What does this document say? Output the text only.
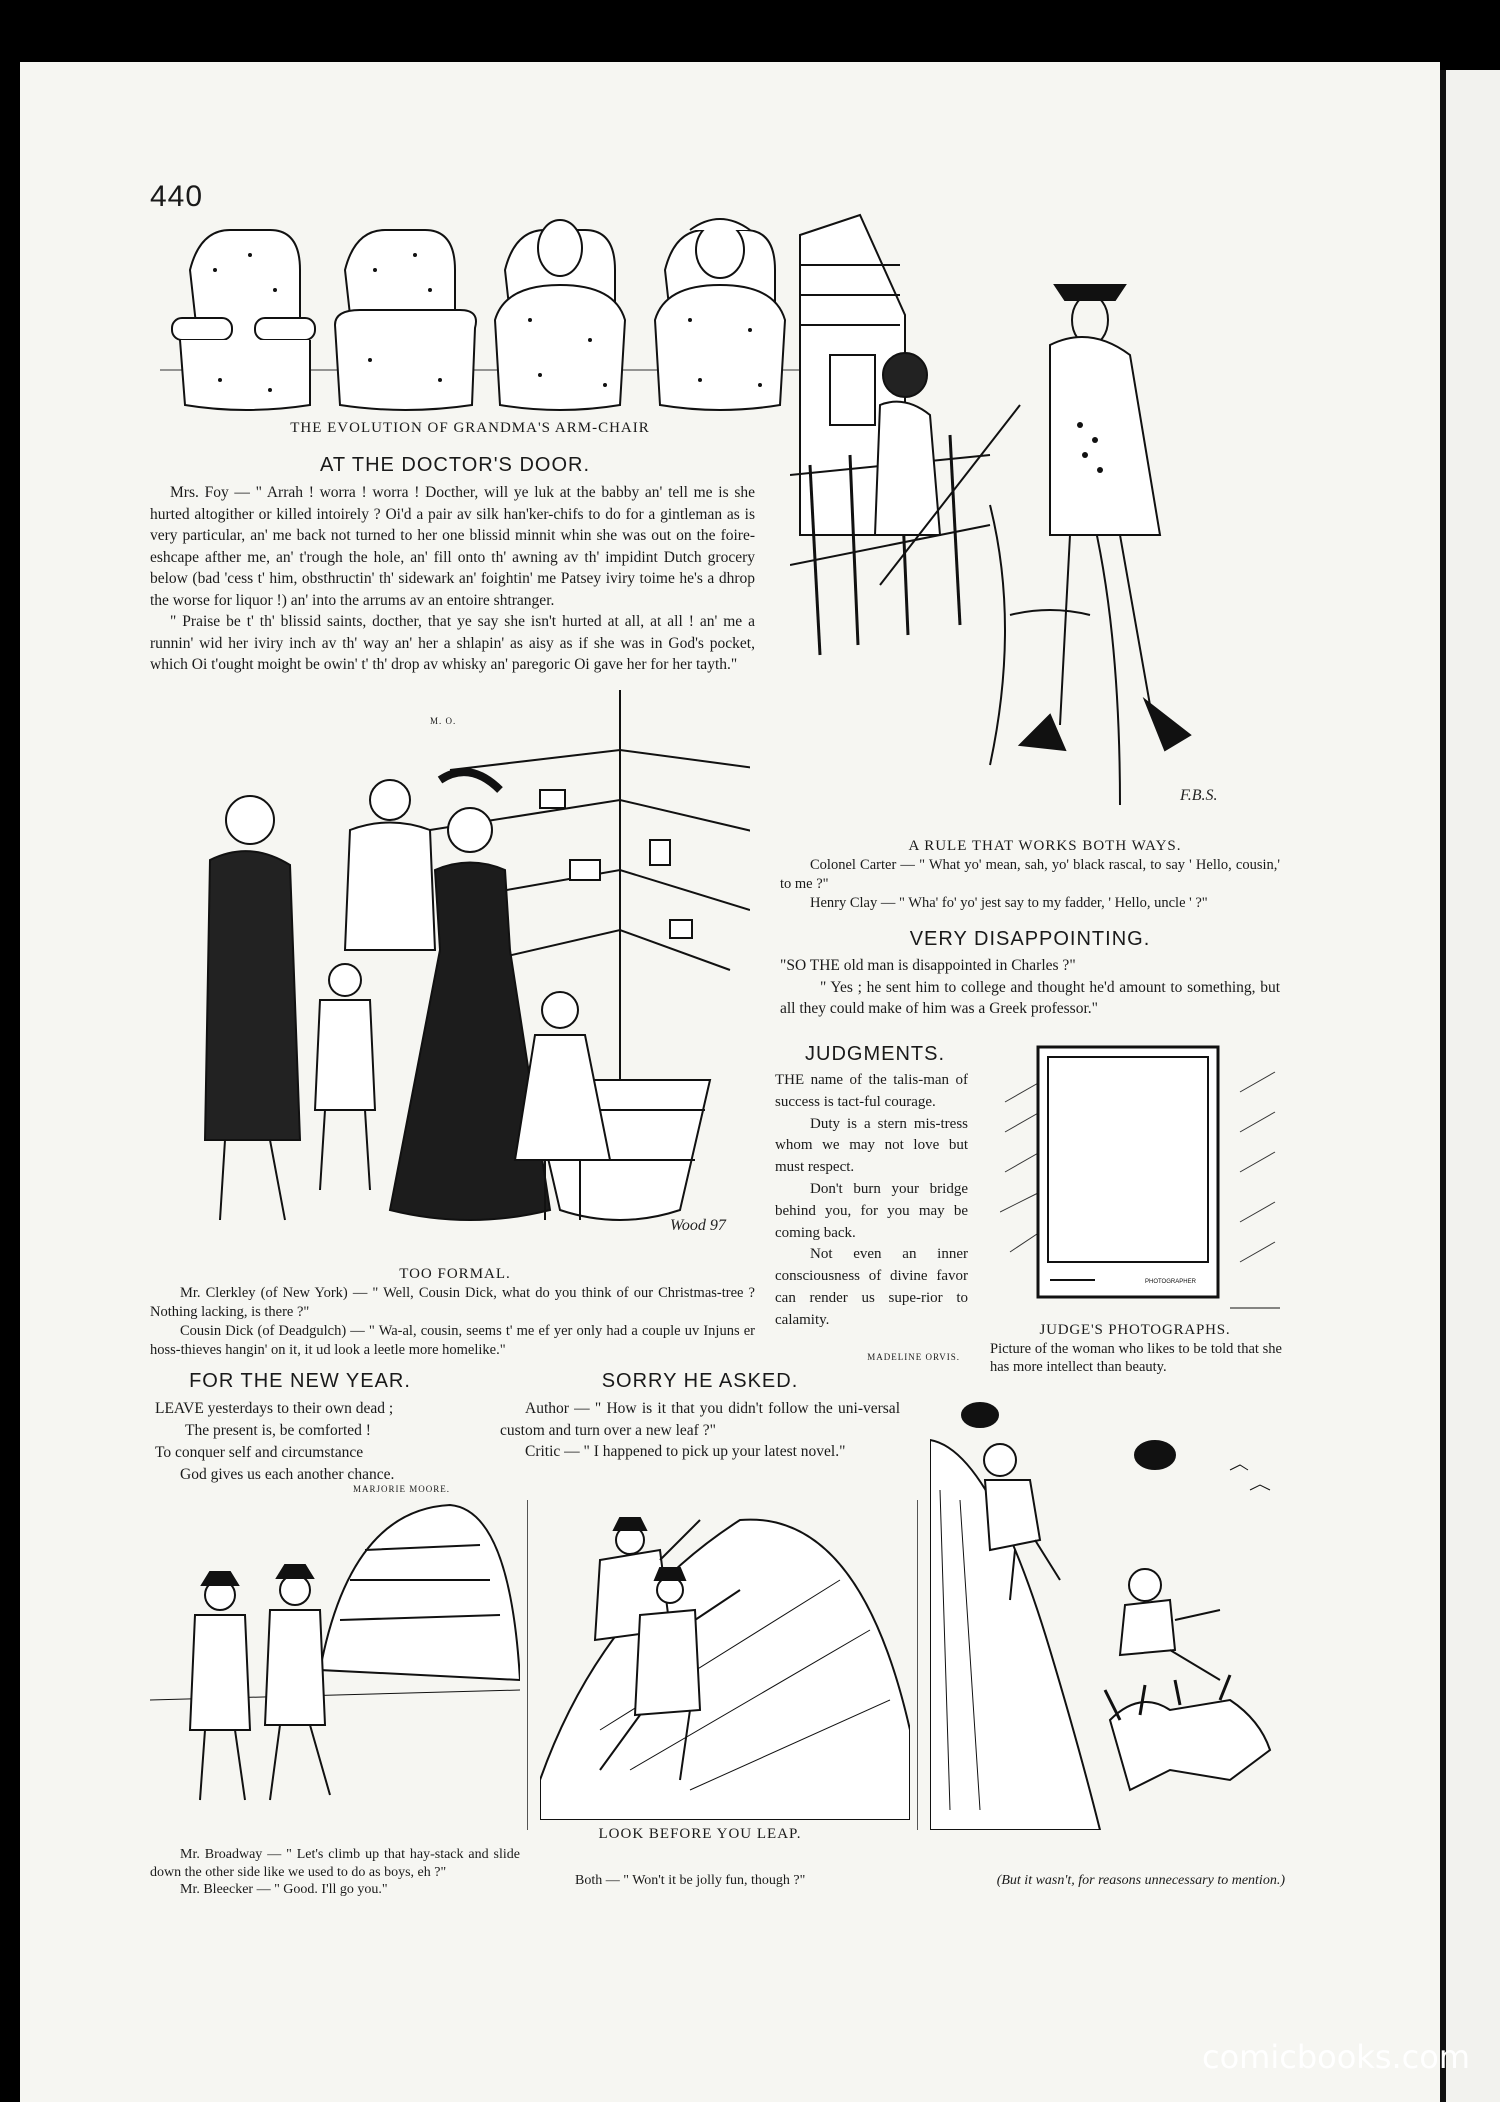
440
THE EVOLUTION OF GRANDMA'S ARM-CHAIR
AT THE DOCTOR'S DOOR.

Mrs. Foy — " Arrah ! worra ! worra ! Docther, will ye luk at the babby an' tell me is she hurted altogither or killed intoirely ? Oi'd a pair av silk han'ker-chifs to do for a gintleman as is very particular, an' me back not turned to her one blissid minnit whin she was out on the foire-eshcape afther me, an' t'rough the hole, an' fill onto th' awning av th' impidint Dutch grocery below (bad 'cess t' him, obsthructin' th' sidewark an' foightin' me Patsey iviry toime he's a dhrop the worse for liquor !) an' into the arrums av an entoire shtranger.

" Praise be t' th' blissid saints, docther, that ye say she isn't hurted at all, at all ! an' me a runnin' wid her iviry inch av th' way an' her a shlapin' as aisy as if she was in God's pocket, which Oi t'ought moight be owin' t' th' drop av whisky an' paregoric Oi gave her for her tayth."

M. O.
F.B.S.
A RULE THAT WORKS BOTH WAYS.

Colonel Carter — " What yo' mean, sah, yo' black rascal, to say ' Hello, cousin,' to me ?"

Henry Clay — " Wha' fo' yo' jest say to my fadder, ' Hello, uncle ' ?"

Wood 97
TOO FORMAL.

Mr. Clerkley (of New York) — " Well, Cousin Dick, what do you think of our Christmas-tree ? Nothing lacking, is there ?"

Cousin Dick (of Deadgulch) — " Wa-al, cousin, seems t' me ef yer only had a couple uv Injuns er hoss-thieves hangin' on it, it ud look a leetle more homelike."

VERY DISAPPOINTING.

"SO THE old man is disappointed in Charles ?"

" Yes ; he sent him to college and thought he'd amount to something, but all they could make of him was a Greek professor."

JUDGMENTS.

THE name of the talis-man of success is tact-ful courage.

Duty is a stern mis-tress whom we may not love but must respect.

Don't burn your bridge behind you, for you may be coming back.

Not even an inner consciousness of divine favor can render us supe-rior to calamity.

MADELINE ORVIS.
PHOTOGRAPHER
JUDGE'S PHOTOGRAPHS.
Picture of the woman who likes to be told that she has more intellect than beauty.
FOR THE NEW YEAR.
LEAVE yesterdays to their own dead ;
The present is, be comforted !
To conquer self and circumstance
God gives us each another chance.
MARJORIE MOORE.
SORRY HE ASKED.

Author — " How is it that you didn't follow the uni-versal custom and turn over a new leaf ?"

Critic — " I happened to pick up your latest novel."

LOOK BEFORE YOU LEAP.

Mr. Broadway — " Let's climb up that hay-stack and slide down the other side like we used to do as boys, eh ?"

Mr. Bleecker — " Good. I'll go you."

Both — " Won't it be jolly fun, though ?"	(But it wasn't, for reasons unnecessary to mention.)
comicbooks.com
